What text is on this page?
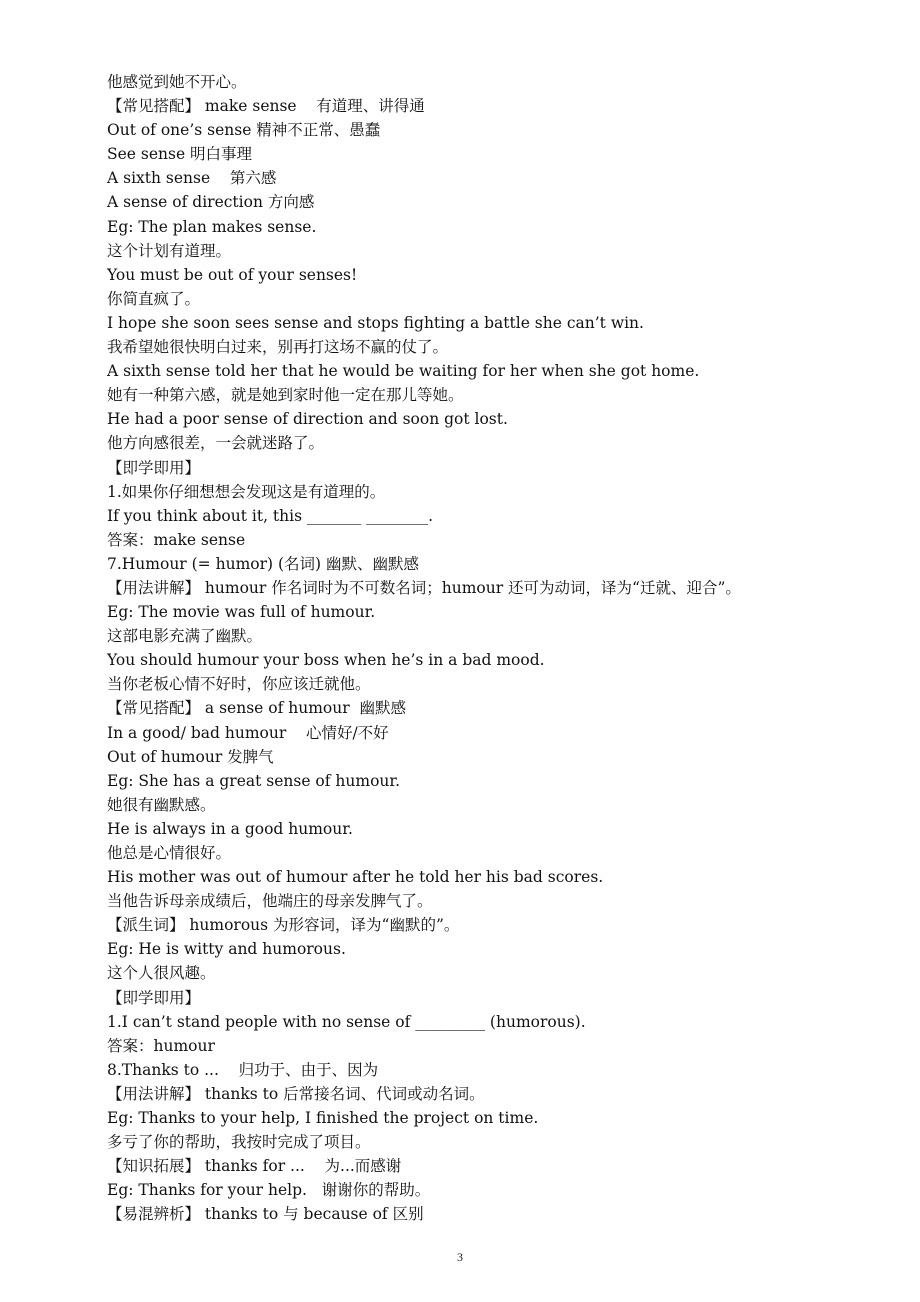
他感觉到她不开心。
【常见搭配】 make sense    有道理、讲得通
Out of one’s sense 精神不正常、愚蠢
See sense 明白事理
A sixth sense    第六感
A sense of direction 方向感
Eg: The plan makes sense.
这个计划有道理。
You must be out of your senses!
你简直疯了。
I hope she soon sees sense and stops fighting a battle she can’t win.
我希望她很快明白过来，别再打这场不赢的仗了。
A sixth sense told her that he would be waiting for her when she got home.
她有一种第六感，就是她到家时他一定在那儿等她。
He had a poor sense of direction and soon got lost.
他方向感很差，一会就迷路了。
【即学即用】
1.如果你仔细想想会发现这是有道理的。
If you think about it, this _______ ________.
答案：make sense
7.Humour (= humor) (名词) 幽默、幽默感
【用法讲解】 humour 作名词时为不可数名词；humour 还可为动词，译为“迁就、迎合”。
Eg: The movie was full of humour.
这部电影充满了幽默。
You should humour your boss when he’s in a bad mood.
当你老板心情不好时，你应该迁就他。
【常见搭配】 a sense of humour  幽默感
In a good/ bad humour    心情好/不好
Out of humour 发脾气
Eg: She has a great sense of humour.
她很有幽默感。
He is always in a good humour.
他总是心情很好。
His mother was out of humour after he told her his bad scores.
当他告诉母亲成绩后，他端庄的母亲发脾气了。
【派生词】 humorous 为形容词，译为“幽默的”。
Eg: He is witty and humorous.
这个人很风趣。
【即学即用】
1.I can’t stand people with no sense of _________ (humorous).
答案：humour
8.Thanks to ...    归功于、由于、因为
【用法讲解】 thanks to 后常接名词、代词或动名词。
Eg: Thanks to your help, I finished the project on time.
多亏了你的帮助，我按时完成了项目。
【知识拓展】 thanks for ...    为...而感谢
Eg: Thanks for your help.   谢谢你的帮助。
【易混辨析】 thanks to 与 because of 区别
3
